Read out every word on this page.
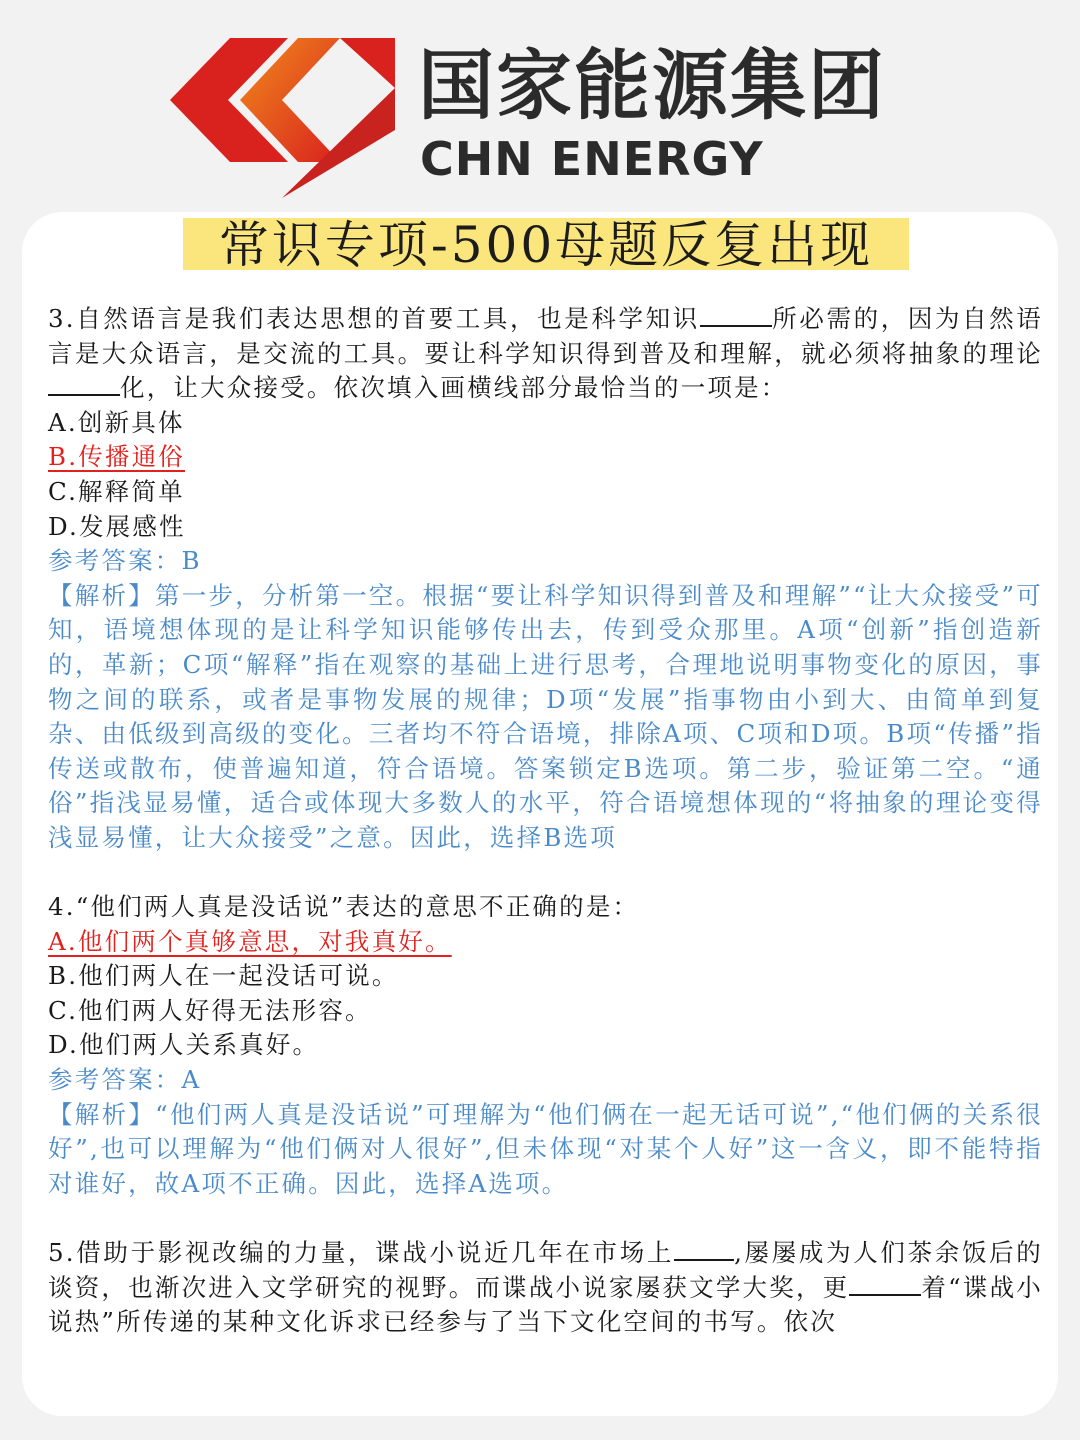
国家能源集团
CHN ENERGY
常识专项-500母题反复出现

3.自然语言是我们表达思想的首要工具，也是科学知识	所必需的，因为自然语言是大众语言，是交流的工具。要让科学知识得到普及和理解，就必须将抽象的理论化，让大众接受。依次填入画横线部分最恰当的一项是：

A.创新具体

B.传播通俗

C.解释简单

D.发展感性

参考答案：B

【解析】第一步，分析第一空。根据“要让科学知识得到普及和理解”“让大众接受”可知，语境想体现的是让科学知识能够传出去，传到受众那里。A项“创新”指创造新的，革新；C项“解释”指在观察的基础上进行思考，合理地说明事物变化的原因，事物之间的联系，或者是事物发展的规律；D项“发展”指事物由小到大、由简单到复杂、由低级到高级的变化。三者均不符合语境，排除A项、C项和D项。B项“传播”指传送或散布，使普遍知道，符合语境。答案锁定B选项。第二步，验证第二空。“通俗”指浅显易懂，适合或体现大多数人的水平，符合语境想体现的“将抽象的理论变得浅显易懂，让大众接受”之意。因此，选择B选项

4.“他们两人真是没话说”表达的意思不正确的是：

A.他们两个真够意思，对我真好。

B.他们两人在一起没话可说。

C.他们两人好得无法形容。

D.他们两人关系真好。

参考答案：A

【解析】“他们两人真是没话说”可理解为“他们俩在一起无话可说”,“他们俩的关系很好”,也可以理解为“他们俩对人很好”,但未体现“对某个人好”这一含义，即不能特指对谁好，故A项不正确。因此，选择A选项。

5.借助于影视改编的力量，谍战小说近几年在市场上 ,屡屡成为人们茶余饭后的谈资，也渐次进入文学研究的视野。而谍战小说家屡获文学大奖，更	着“谍战小说热”所传递的某种文化诉求已经参与了当下文化空间的书写。依次
